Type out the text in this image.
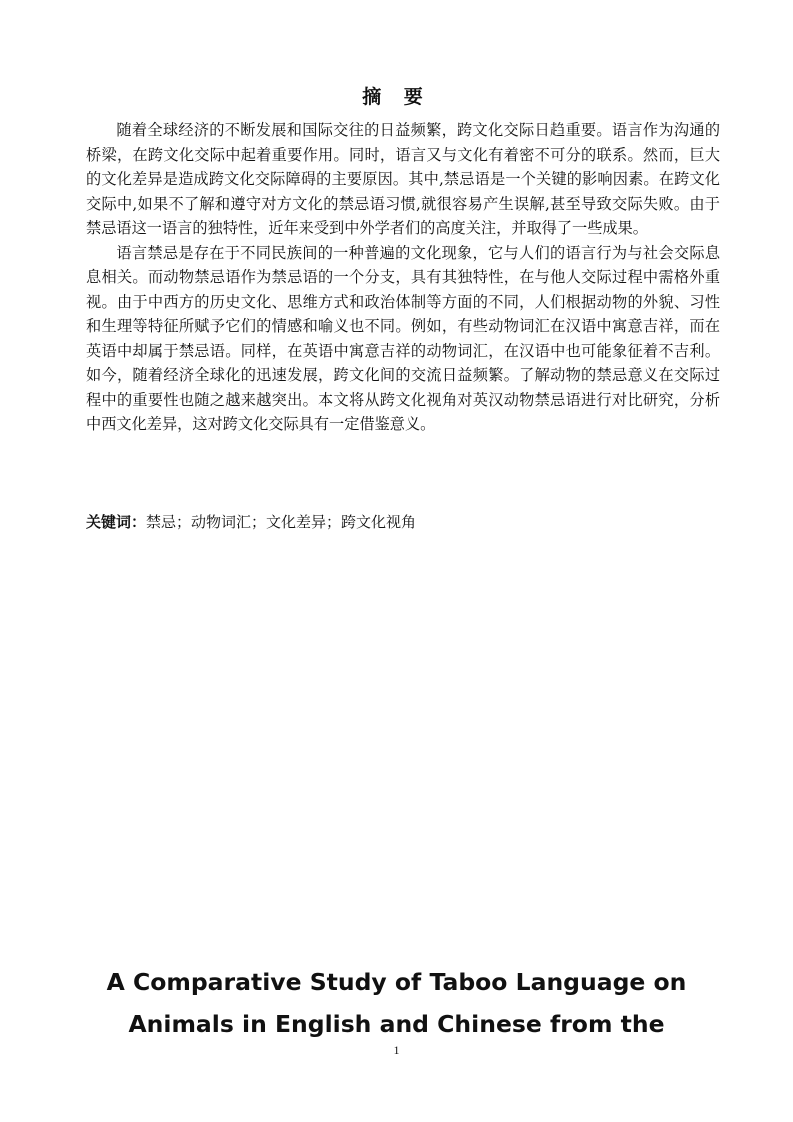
摘 要

随着全球经济的不断发展和国际交往的日益频繁，跨文化交际日趋重要。语言作为沟通的桥梁，在跨文化交际中起着重要作用。同时，语言又与文化有着密不可分的联系。然而，巨大的文化差异是造成跨文化交际障碍的主要原因。其中,禁忌语是一个关键的影响因素。在跨文化交际中,如果不了解和遵守对方文化的禁忌语习惯,就很容易产生误解,甚至导致交际失败。由于禁忌语这一语言的独特性，近年来受到中外学者们的高度关注，并取得了一些成果。

语言禁忌是存在于不同民族间的一种普遍的文化现象，它与人们的语言行为与社会交际息息相关。而动物禁忌语作为禁忌语的一个分支，具有其独特性，在与他人交际过程中需格外重视。由于中西方的历史文化、思维方式和政治体制等方面的不同，人们根据动物的外貌、习性和生理等特征所赋予它们的情感和喻义也不同。例如，有些动物词汇在汉语中寓意吉祥，而在英语中却属于禁忌语。同样，在英语中寓意吉祥的动物词汇，在汉语中也可能象征着不吉利。如今，随着经济全球化的迅速发展，跨文化间的交流日益频繁。了解动物的禁忌意义在交际过程中的重要性也随之越来越突出。本文将从跨文化视角对英汉动物禁忌语进行对比研究，分析中西文化差异，这对跨文化交际具有一定借鉴意义。

关键词：禁忌；动物词汇；文化差异；跨文化视角
A Comparative Study of Taboo Language on
Animals in English and Chinese from the
1
